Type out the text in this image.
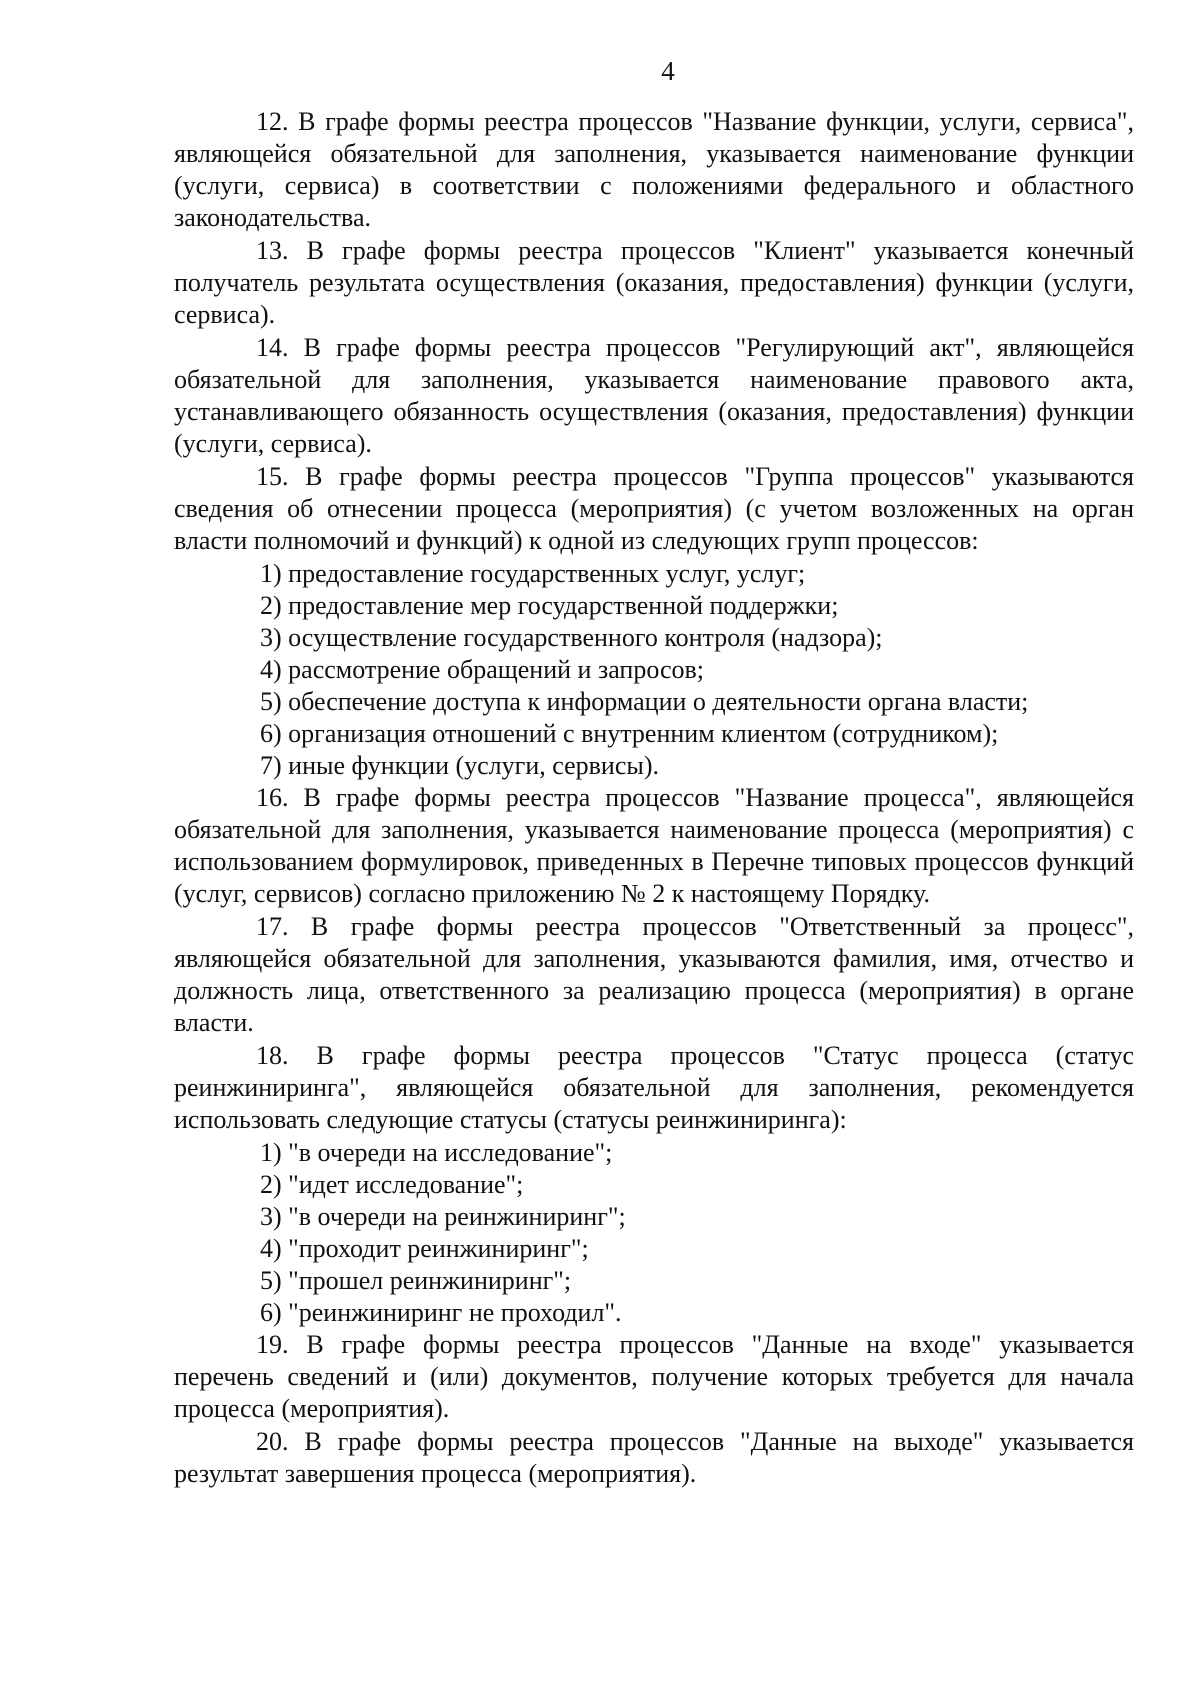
4

12. В графе формы реестра процессов "Название функции, услуги, сервиса", являющейся обязательной для заполнения, указывается наименование функции (услуги, сервиса) в соответствии с положениями федерального и областного законодательства.

13. В графе формы реестра процессов "Клиент" указывается конечный получатель результата осуществления (оказания, предоставления) функции (услуги, сервиса).

14. В графе формы реестра процессов "Регулирующий акт", являющейся обязательной для заполнения, указывается наименование правового акта, устанавливающего обязанность осуществления (оказания, предоставления) функции (услуги, сервиса).

15. В графе формы реестра процессов "Группа процессов" указываются сведения об отнесении процесса (мероприятия) (с учетом возложенных на орган власти полномочий и функций) к одной из следующих групп процессов:

1) предоставление государственных услуг, услуг;

2) предоставление мер государственной поддержки;

3) осуществление государственного контроля (надзора);

4) рассмотрение обращений и запросов;

5) обеспечение доступа к информации о деятельности органа власти;

6) организация отношений с внутренним клиентом (сотрудником);

7) иные функции (услуги, сервисы).

16. В графе формы реестра процессов "Название процесса", являющейся обязательной для заполнения, указывается наименование процесса (мероприятия) с использованием формулировок, приведенных в Перечне типовых процессов функций (услуг, сервисов) согласно приложению № 2 к настоящему Порядку.

17. В графе формы реестра процессов "Ответственный за процесс", являющейся обязательной для заполнения, указываются фамилия, имя, отчество и должность лица, ответственного за реализацию процесса (мероприятия) в органе власти.

18. В графе формы реестра процессов "Статус процесса (статус реинжиниринга", являющейся обязательной для заполнения, рекомендуется использовать следующие статусы (статусы реинжиниринга):

1) "в очереди на исследование";

2) "идет исследование";

3) "в очереди на реинжиниринг";

4) "проходит реинжиниринг";

5) "прошел реинжиниринг";

6) "реинжиниринг не проходил".

19. В графе формы реестра процессов "Данные на входе" указывается перечень сведений и (или) документов, получение которых требуется для начала процесса (мероприятия).

20. В графе формы реестра процессов "Данные на выходе" указывается результат завершения процесса (мероприятия).
